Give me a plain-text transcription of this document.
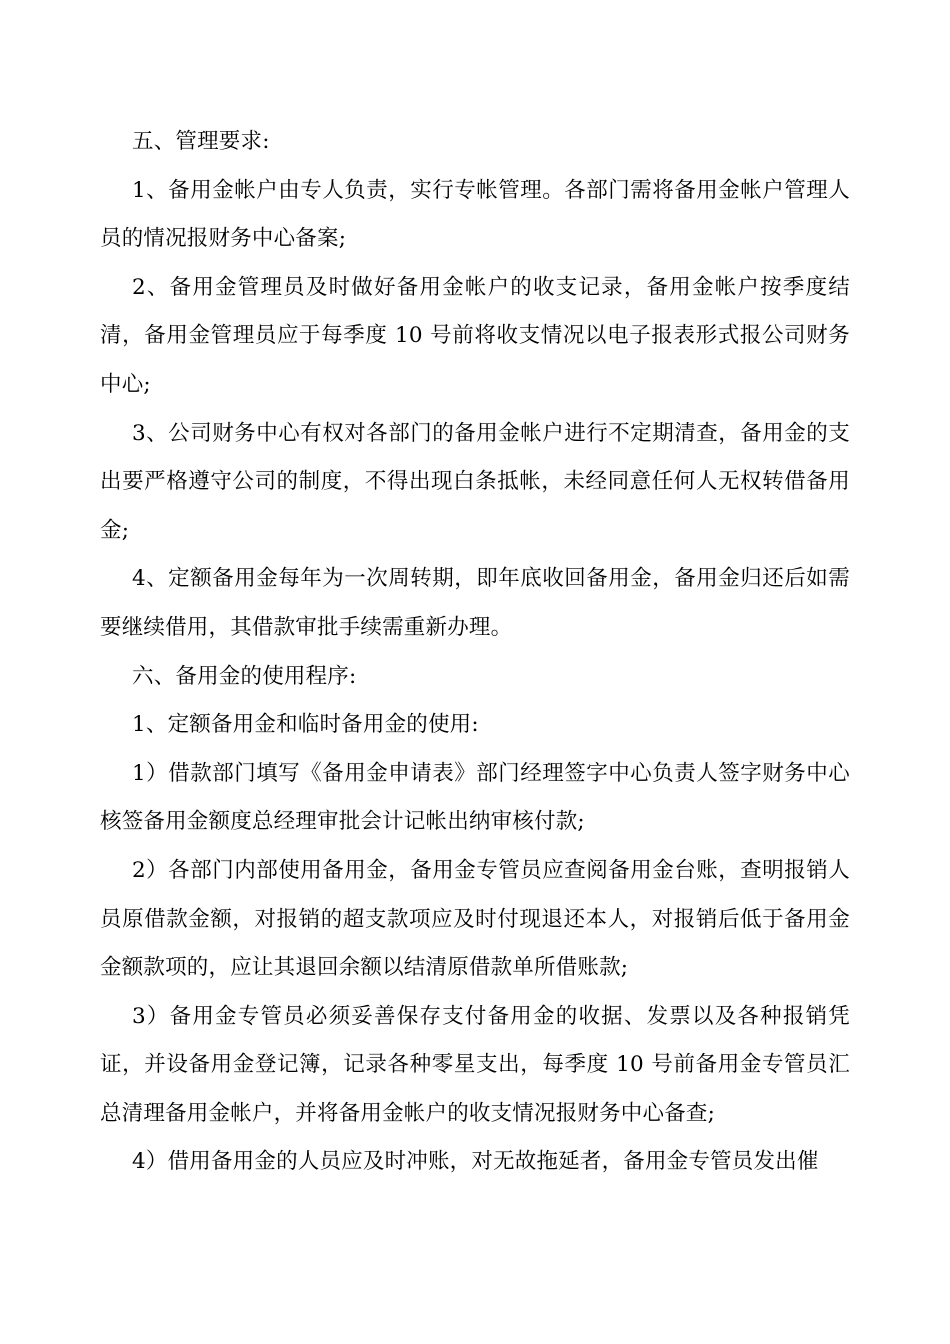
五、管理要求:

1、备用金帐户由专人负责，实行专帐管理。各部门需将备用金帐户管理人员的情况报财务中心备案;

2、备用金管理员及时做好备用金帐户的收支记录，备用金帐户按季度结清，备用金管理员应于每季度 10 号前将收支情况以电子报表形式报公司财务中心;

3、公司财务中心有权对各部门的备用金帐户进行不定期清查，备用金的支出要严格遵守公司的制度，不得出现白条抵帐，未经同意任何人无权转借备用金;

4、定额备用金每年为一次周转期，即年底收回备用金，备用金归还后如需要继续借用，其借款审批手续需重新办理。

六、备用金的使用程序:

1、定额备用金和临时备用金的使用:

1）借款部门填写《备用金申请表》部门经理签字中心负责人签字财务中心核签备用金额度总经理审批会计记帐出纳审核付款;

2）各部门内部使用备用金，备用金专管员应查阅备用金台账，查明报销人员原借款金额，对报销的超支款项应及时付现退还本人，对报销后低于备用金金额款项的，应让其退回余额以结清原借款单所借账款;

3）备用金专管员必须妥善保存支付备用金的收据、发票以及各种报销凭证，并设备用金登记簿，记录各种零星支出，每季度 10 号前备用金专管员汇总清理备用金帐户，并将备用金帐户的收支情况报财务中心备查;

4）借用备用金的人员应及时冲账，对无故拖延者，备用金专管员发出催
